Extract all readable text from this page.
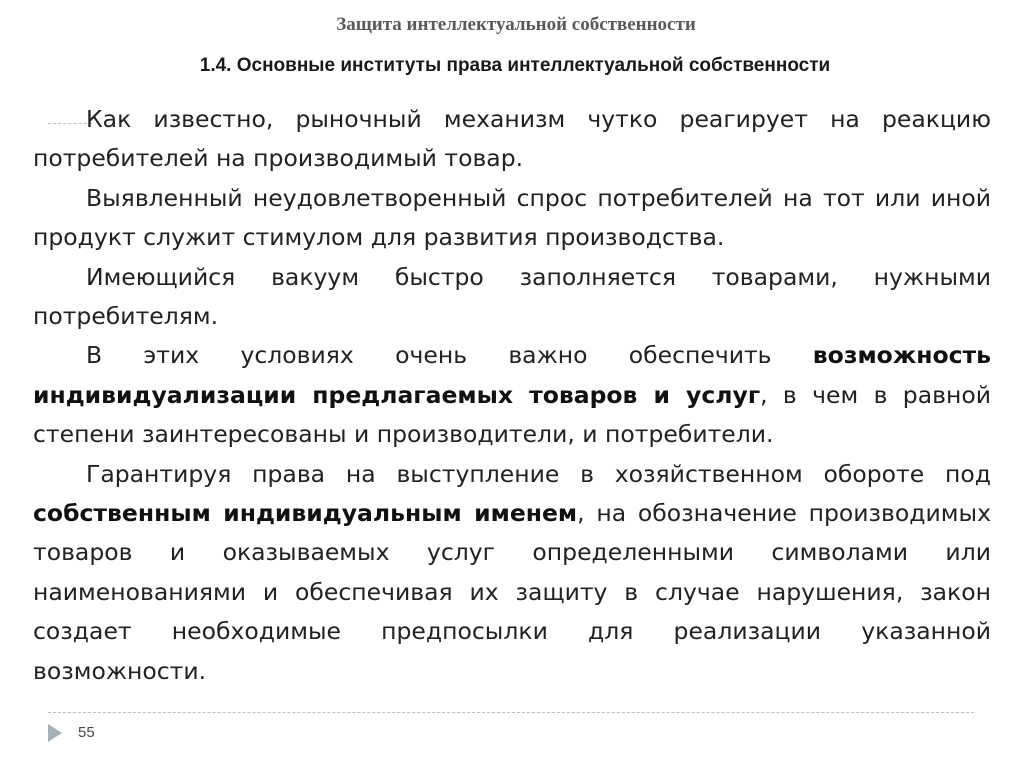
Защита интеллектуальной собственности
1.4. Основные институты права интеллектуальной собственности

Как известно, рыночный механизм чутко реагирует на реакцию потребителей на производимый товар.

Выявленный неудовлетворенный спрос потребителей на тот или иной продукт служит стимулом для развития производства.

Имеющийся вакуум быстро заполняется товарами, нужными потребителям.

В этих условиях очень важно обеспечить возможность индивидуализации предлагаемых товаров и услуг, в чем в равной степени заинтересованы и производители, и потребители.

Гарантируя права на выступление в хозяйственном обороте под собственным индивидуальным именем, на обозначение производимых товаров и оказываемых услуг определенными символами или наименованиями и обеспечивая их защиту в случае нарушения, закон создает необходимые предпосылки для реализации указанной возможности.

55
